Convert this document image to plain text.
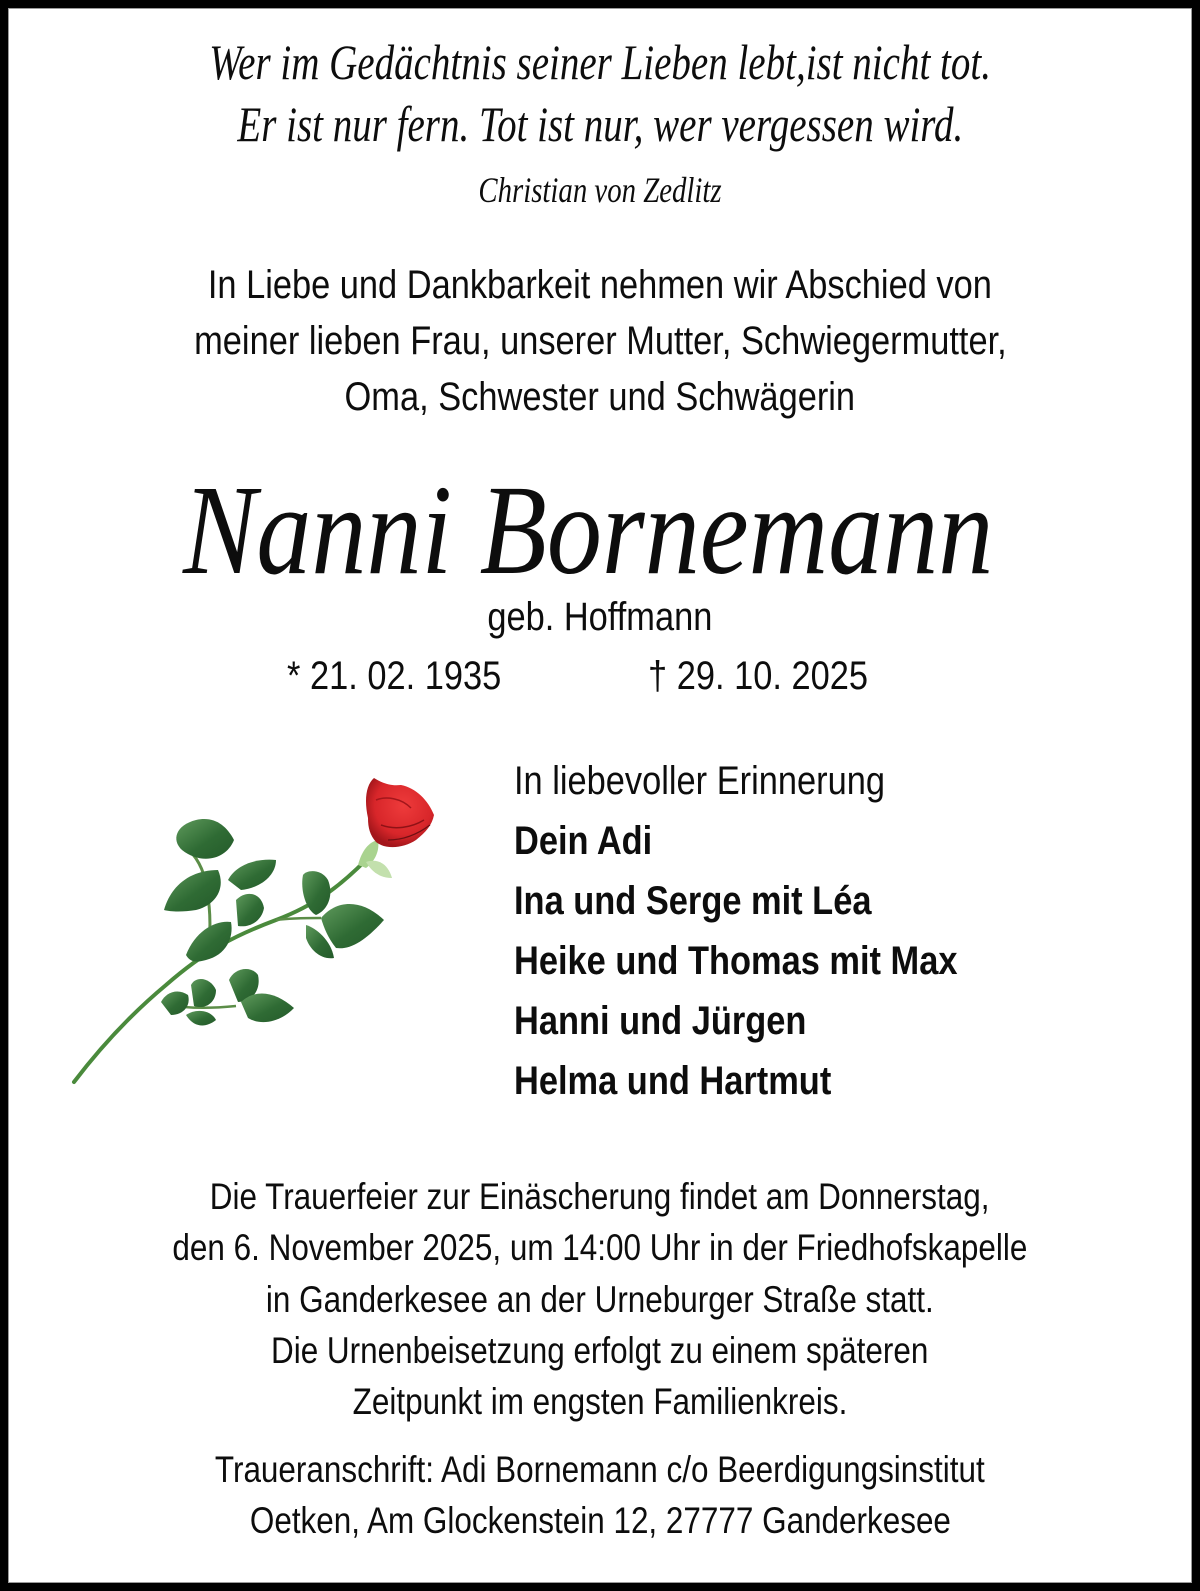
Wer im Gedächtnis seiner Lieben lebt,ist nicht tot.
Er ist nur fern. Tot ist nur, wer vergessen wird.
Christian von Zedlitz
In Liebe und Dankbarkeit nehmen wir Abschied von
meiner lieben Frau, unserer Mutter, Schwiegermutter,
Oma, Schwester und Schwägerin
Nanni Bornemann
geb. Hoffmann
* 21. 02. 1935	† 29. 10. 2025
In liebevoller Erinnerung
Dein Adi
Ina und Serge mit Léa
Heike und Thomas mit Max
Hanni und Jürgen
Helma und Hartmut
Die Trauerfeier zur Einäscherung findet am Donnerstag,
den 6. November 2025, um 14:00 Uhr in der Friedhofskapelle
in Ganderkesee an der Urneburger Straße statt.
Die Urnenbeisetzung erfolgt zu einem späteren
Zeitpunkt im engsten Familienkreis.
Traueranschrift: Adi Bornemann c/o Beerdigungsinstitut
Oetken, Am Glockenstein 12, 27777 Ganderkesee
